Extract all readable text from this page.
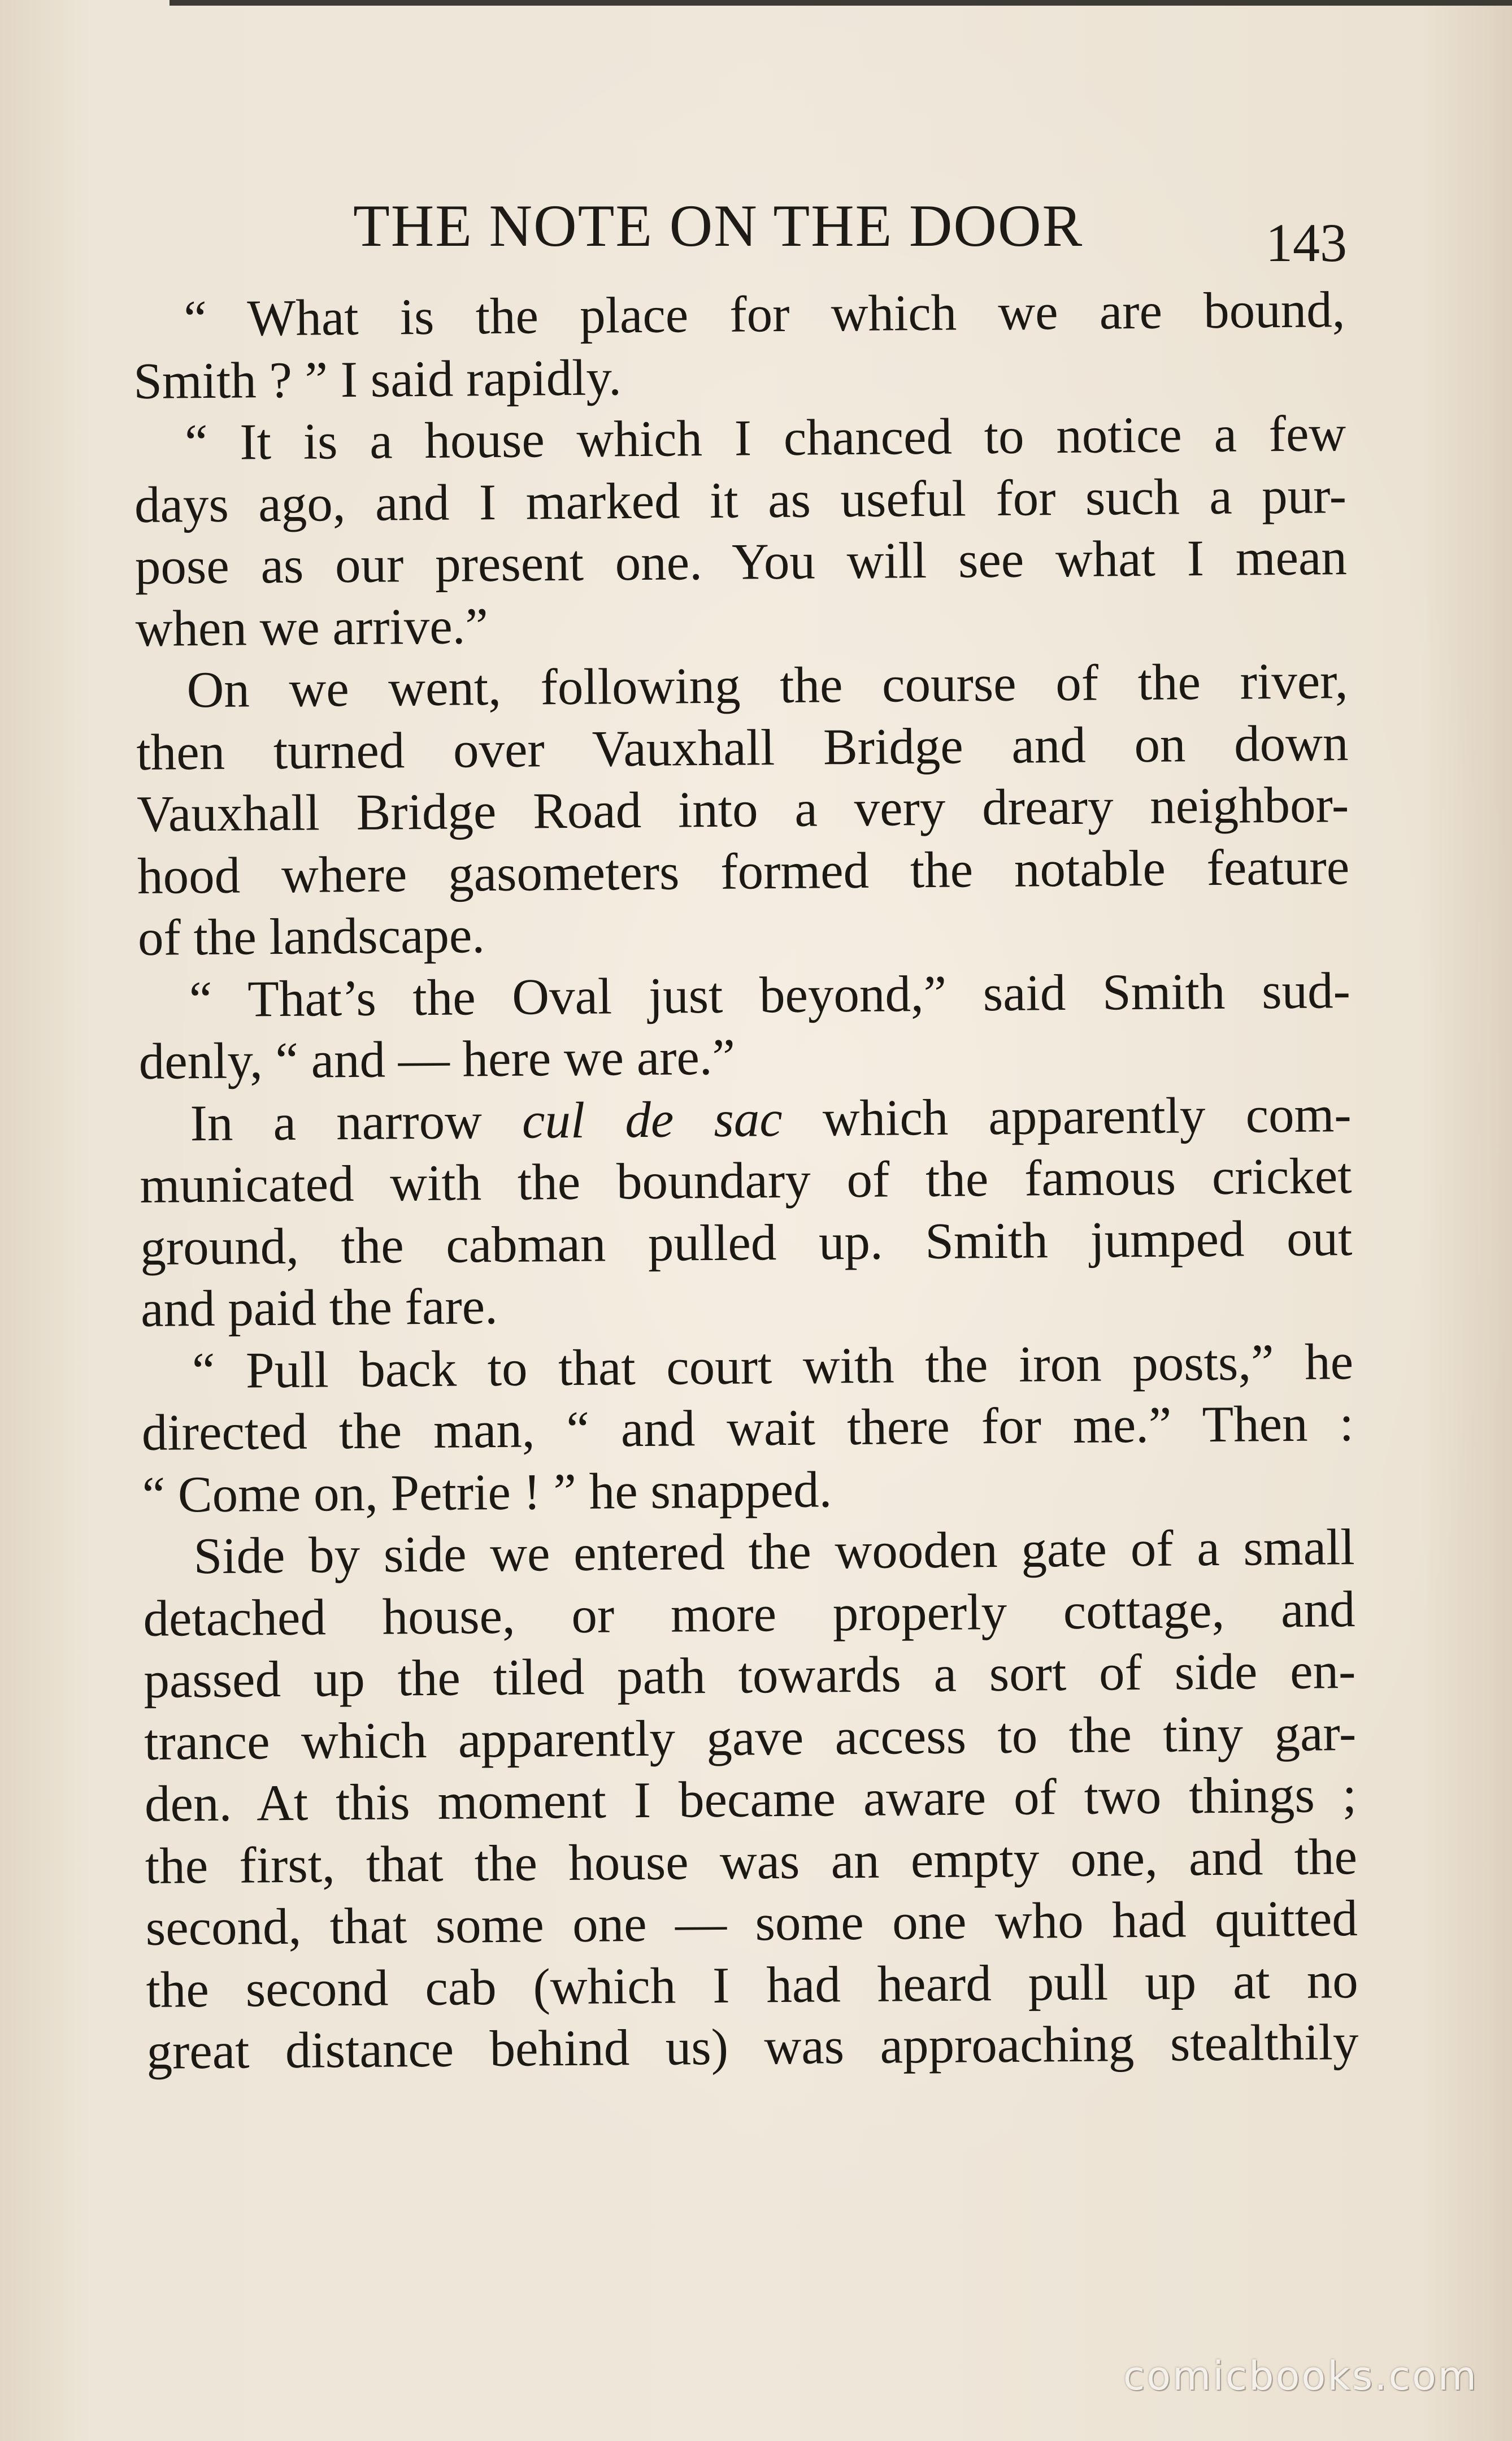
THE NOTE ON THE DOOR	143
“ What is the place for which we are bound,
Smith ? ” I said rapidly.
“ It is a house which I chanced to notice a few
days ago, and I marked it as useful for such a pur-
pose as our present one. You will see what I mean
when we arrive.”
On we went, following the course of the river,
then turned over Vauxhall Bridge and on down
Vauxhall Bridge Road into a very dreary neighbor-
hood where gasometers formed the notable feature
of the landscape.
“ That’s the Oval just beyond,” said Smith sud-
denly, “ and — here we are.”
In a narrow cul de sac which apparently com-
municated with the boundary of the famous cricket
ground, the cabman pulled up. Smith jumped out
and paid the fare.
“ Pull back to that court with the iron posts,” he
directed the man, “ and wait there for me.” Then :
“ Come on, Petrie ! ” he snapped.
Side by side we entered the wooden gate of a small
detached house, or more properly cottage, and
passed up the tiled path towards a sort of side en-
trance which apparently gave access to the tiny gar-
den. At this moment I became aware of two things ;
the first, that the house was an empty one, and the
second, that some one — some one who had quitted
the second cab (which I had heard pull up at no
great distance behind us) was approaching stealthily
comicbooks.com
